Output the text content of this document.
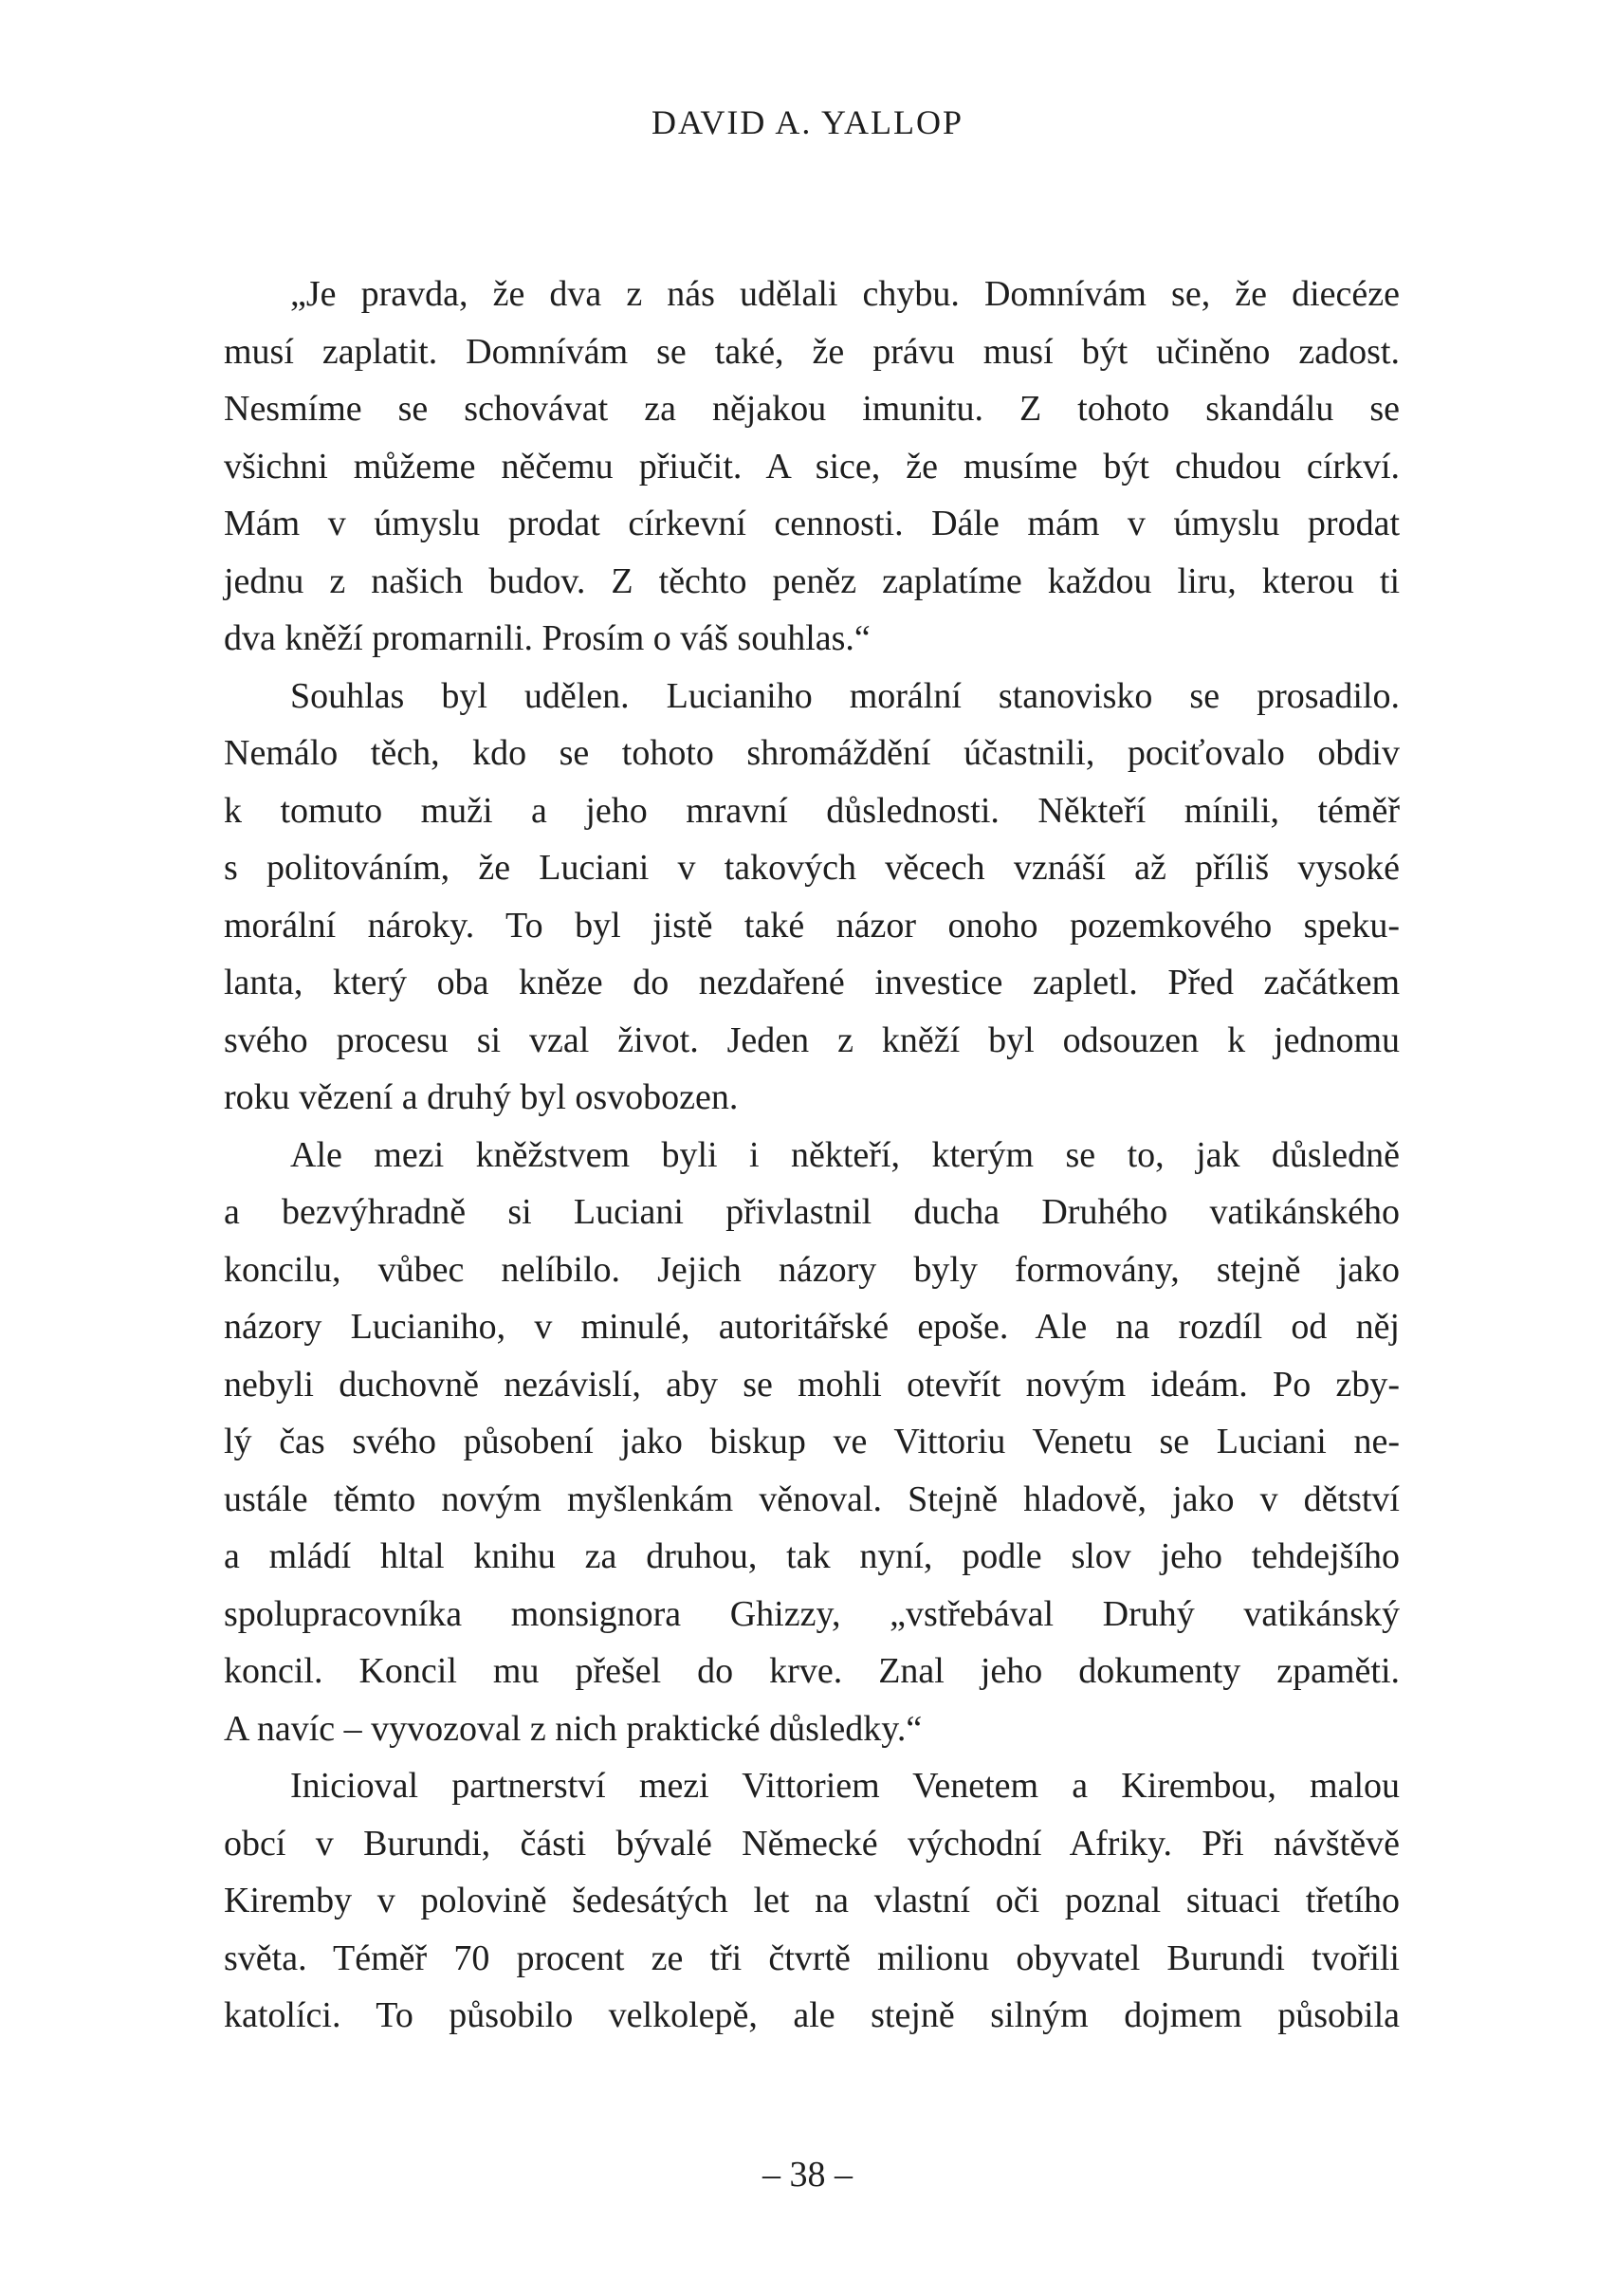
DAVID A. YALLOP
„Je pravda, že dva z nás udělali chybu. Domnívám se, že diecéze
musí zaplatit. Domnívám se také, že právu musí být učiněno zadost.
Nesmíme se schovávat za nějakou imunitu. Z tohoto skandálu se
všichni můžeme něčemu přiučit. A sice, že musíme být chudou církví.
Mám v úmyslu prodat církevní cennosti. Dále mám v úmyslu prodat
jednu z našich budov. Z těchto peněz zaplatíme každou liru, kterou ti
dva kněží promarnili. Prosím o váš souhlas.“
Souhlas byl udělen. Lucianiho morální stanovisko se prosadilo.
Nemálo těch, kdo se tohoto shromáždění účastnili, pociťovalo obdiv
k tomuto muži a jeho mravní důslednosti. Někteří mínili, téměř
s politováním, že Luciani v takových věcech vznáší až příliš vysoké
morální nároky. To byl jistě také názor onoho pozemkového speku-
lanta, který oba kněze do nezdařené investice zapletl. Před začátkem
svého procesu si vzal život. Jeden z kněží byl odsouzen k jednomu
roku vězení a druhý byl osvobozen.
Ale mezi kněžstvem byli i někteří, kterým se to, jak důsledně
a bezvýhradně si Luciani přivlastnil ducha Druhého vatikánského
koncilu, vůbec nelíbilo. Jejich názory byly formovány, stejně jako
názory Lucianiho, v minulé, autoritářské epoše. Ale na rozdíl od něj
nebyli duchovně nezávislí, aby se mohli otevřít novým ideám. Po zby-
lý čas svého působení jako biskup ve Vittoriu Venetu se Luciani ne-
ustále těmto novým myšlenkám věnoval. Stejně hladově, jako v dětství
a mládí hltal knihu za druhou, tak nyní, podle slov jeho tehdejšího
spolupracovníka monsignora Ghizzy, „vstřebával Druhý vatikánský
koncil. Koncil mu přešel do krve. Znal jeho dokumenty zpaměti.
A navíc – vyvozoval z nich praktické důsledky.“
Inicioval partnerství mezi Vittoriem Venetem a Kirembou, malou
obcí v Burundi, části bývalé Německé východní Afriky. Při návštěvě
Kiremby v polovině šedesátých let na vlastní oči poznal situaci třetího
světa. Téměř 70 procent ze tři čtvrtě milionu obyvatel Burundi tvořili
katolíci. To působilo velkolepě, ale stejně silným dojmem působila
– 38 –
